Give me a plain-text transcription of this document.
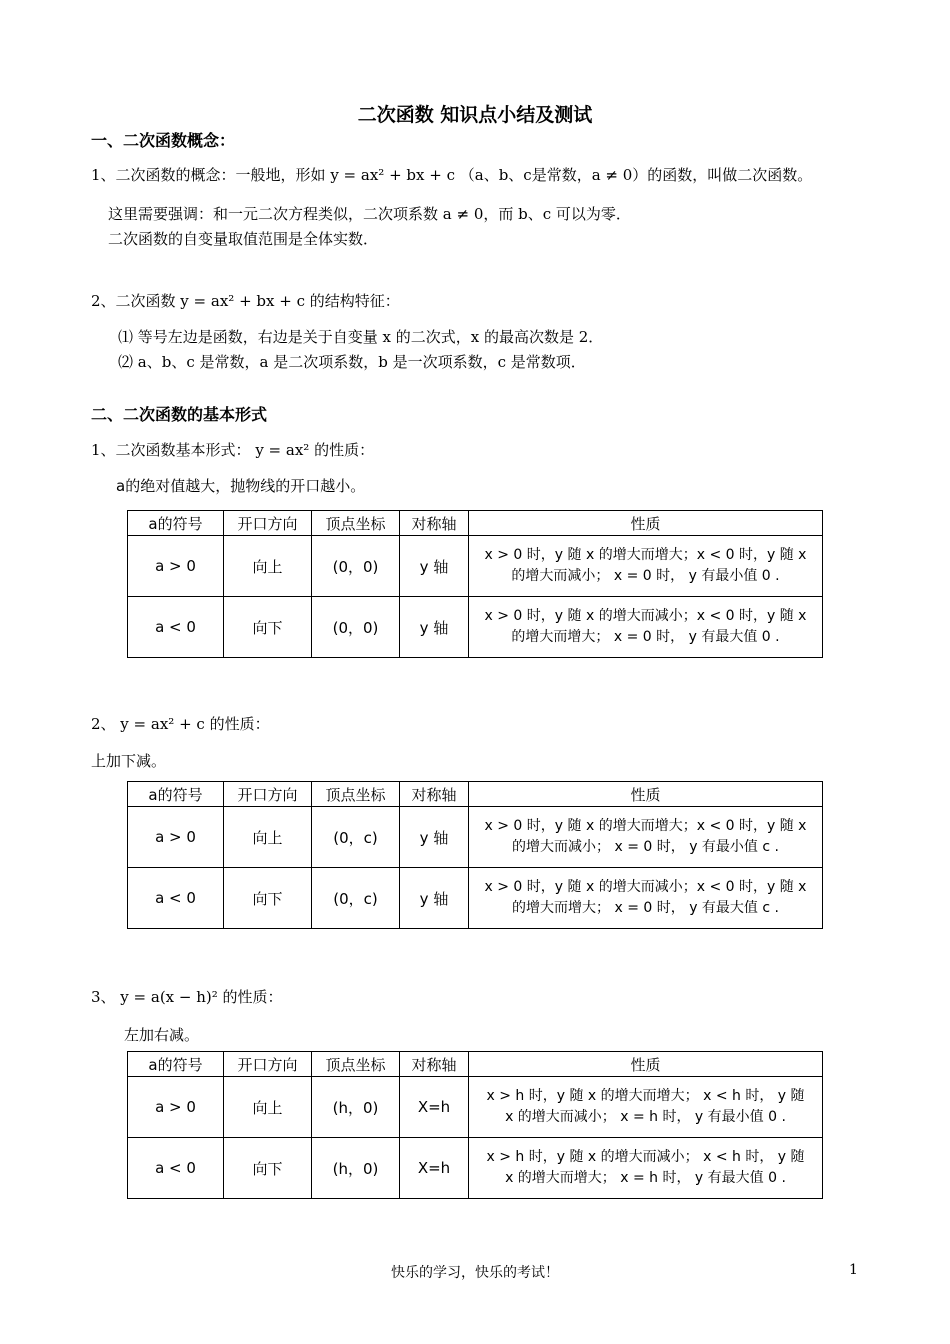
二次函数 知识点小结及测试
一、二次函数概念：
1、二次函数的概念：一般地，形如 y = ax² + bx + c （a、b、c是常数，a ≠ 0）的函数，叫做二次函数。
这里需要强调：和一元二次方程类似，二次项系数 a ≠ 0，而 b、c 可以为零．
二次函数的自变量取值范围是全体实数．
2、二次函数 y = ax² + bx + c 的结构特征：
⑴ 等号左边是函数，右边是关于自变量 x 的二次式，x 的最高次数是 2．
⑵ a、b、c 是常数，a 是二次项系数，b 是一次项系数，c 是常数项．
二、二次函数的基本形式
1、二次函数基本形式： y = ax² 的性质：
a的绝对值越大，抛物线的开口越小。
a的符号	开口方向	顶点坐标	对称轴	性质
a > 0	向上	(0，0)	y 轴	x > 0 时，y 随 x 的增大而增大；x < 0 时，y 随 x
的增大而减小； x = 0 时， y 有最小值 0 .

a < 0	向下	(0，0)	y 轴	x > 0 时，y 随 x 的增大而减小；x < 0 时，y 随 x
的增大而增大； x = 0 时， y 有最大值 0 .
2、 y = ax² + c 的性质：
上加下减。
a的符号	开口方向	顶点坐标	对称轴	性质
a > 0	向上	(0，c)	y 轴	x > 0 时，y 随 x 的增大而增大；x < 0 时，y 随 x
的增大而减小； x = 0 时， y 有最小值 c .

a < 0	向下	(0，c)	y 轴	x > 0 时，y 随 x 的增大而减小；x < 0 时，y 随 x
的增大而增大； x = 0 时， y 有最大值 c .
3、 y = a(x − h)² 的性质：
左加右减。
a的符号	开口方向	顶点坐标	对称轴	性质
a > 0	向上	(h，0)	X=h	x > h 时，y 随 x 的增大而增大； x < h 时， y 随
x 的增大而减小； x = h 时， y 有最小值 0 .

a < 0	向下	(h，0)	X=h	x > h 时，y 随 x 的增大而减小； x < h 时， y 随
x 的增大而增大； x = h 时， y 有最大值 0 .
快乐的学习，快乐的考试！	1
